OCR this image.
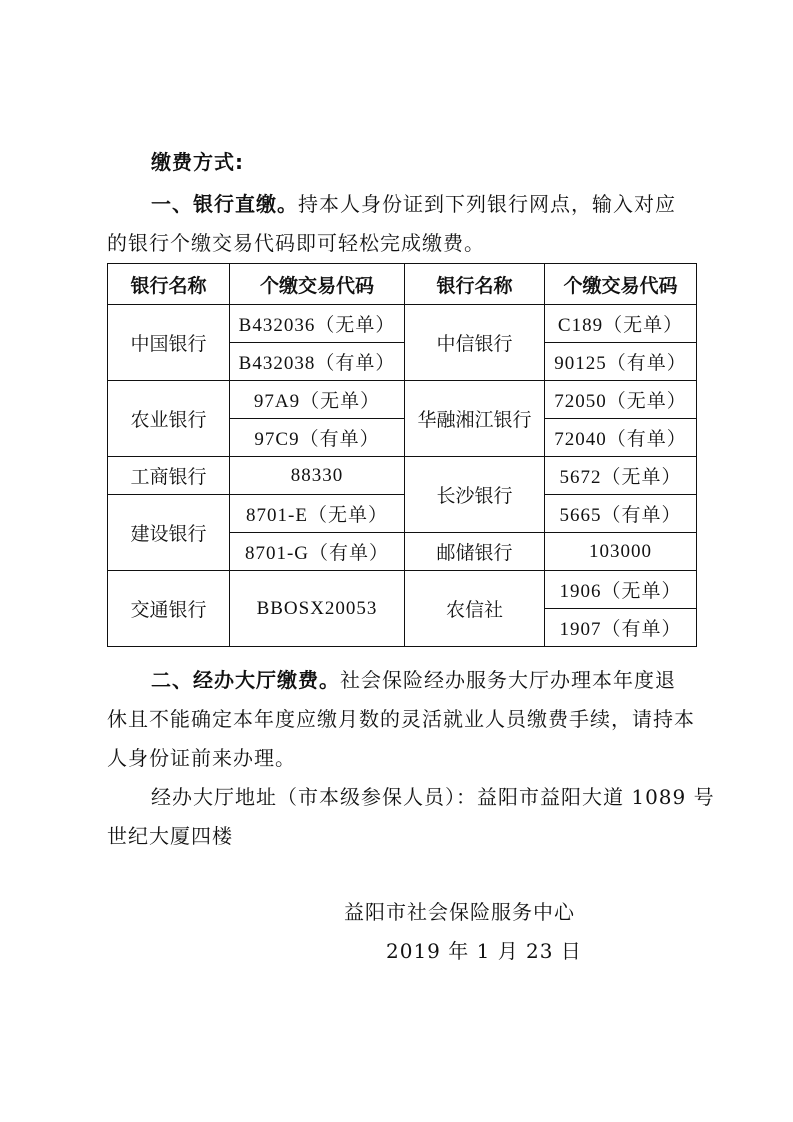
缴费方式:
一、银行直缴。持本人身份证到下列银行网点，输入对应
的银行个缴交易代码即可轻松完成缴费。
银行名称	个缴交易代码	银行名称	个缴交易代码
中国银行	B432036（无单）	中信银行	C189（无单）
	B432038（有单）		90125（有单）
农业银行	97A9（无单）	华融湘江银行	72050（无单）
	97C9（有单）		72040（有单）
工商银行	88330	长沙银行	5672（无单）
建设银行	8701-E（无单）		5665（有单）
	8701-G（有单）	邮储银行	103000
交通银行	BBOSX20053	农信社	1906（无单）
			1907（有单）
二、经办大厅缴费。社会保险经办服务大厅办理本年度退
休且不能确定本年度应缴月数的灵活就业人员缴费手续，请持本
人身份证前来办理。
经办大厅地址（市本级参保人员）：益阳市益阳大道 1089 号
世纪大厦四楼
益阳市社会保险服务中心
2019 年 1 月 23 日
